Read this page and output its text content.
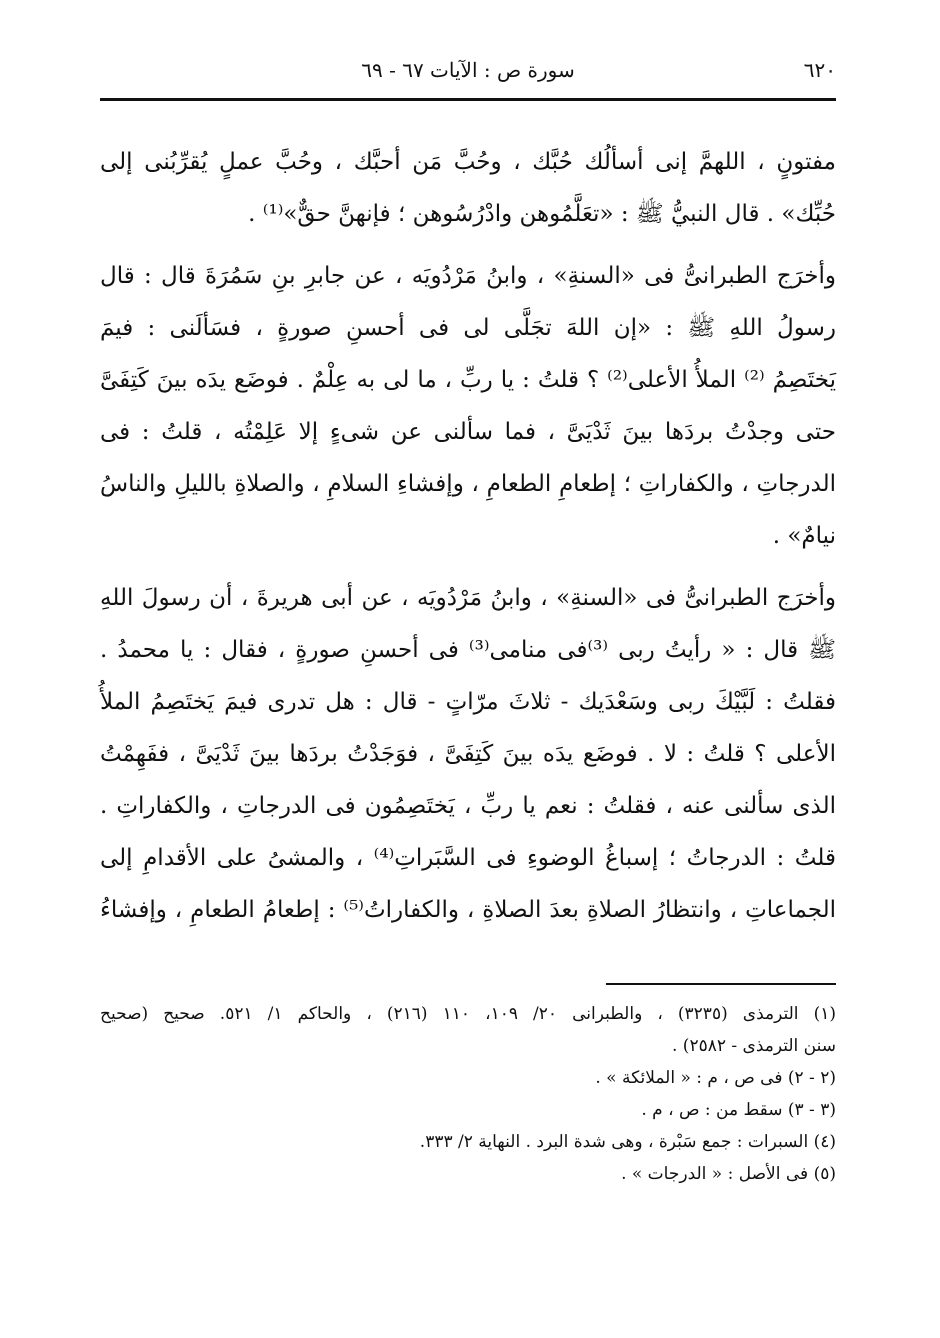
٦٢٠
سورة ص : الآيات ٦٧ - ٦٩

مفتونٍ ، اللهمَّ إنى أسألُك حُبَّك ، وحُبَّ مَن أحبَّك ، وحُبَّ عملٍ يُقرِّبُنى إلى
حُبِّك» . قال النبيُّ ﷺ : «تعَلَّمُوهن وادْرُسُوهن ؛ فإنهنَّ حقٌّ»⁽¹⁾ .

وأخرَج الطبرانىُّ فى «السنةِ» ، وابنُ مَرْدُويَه ، عن جابرِ بنِ سَمُرَةَ قال : قال
رسولُ اللهِ ﷺ : «إن اللهَ تجَلَّى لى فى أحسنِ صورةٍ ، فسَألَنى : فيمَ
يَختَصِمُ ⁽²⁾ الملأُ الأعلى⁽²⁾ ؟ قلتُ : يا ربِّ ، ما لى به عِلْمٌ . فوضَع يدَه بينَ كَتِفَىَّ
حتى وجدْتُ بردَها بينَ ثَدْيَىَّ ، فما سألنى عن شىءٍ إلا عَلِمْتُه ، قلتُ : فى
الدرجاتِ ، والكفاراتِ ؛ إطعامِ الطعامِ ، وإفشاءِ السلامِ ، والصلاةِ بالليلِ والناسُ
نيامٌ» .

وأخرَج الطبرانىُّ فى «السنةِ» ، وابنُ مَرْدُويَه ، عن أبى هريرةَ ، أن رسولَ اللهِ
ﷺ قال : « رأيتُ ربى ⁽³⁾فى منامى⁽³⁾ فى أحسنِ صورةٍ ، فقال : يا محمدُ .
فقلتُ : لَبَّيْكَ ربى وسَعْدَيك - ثلاثَ مرّاتٍ - قال : هل تدرى فيمَ يَختَصِمُ الملأُ
الأعلى ؟ قلتُ : لا . فوضَع يدَه بينَ كَتِفَىَّ ، فوَجَدْتُ بردَها بينَ ثَدْيَىَّ ، ففَهِمْتُ
الذى سألنى عنه ، فقلتُ : نعم يا ربِّ ، يَختَصِمُون فى الدرجاتِ ، والكفاراتِ .
قلتُ : الدرجاتُ ؛ إسباغُ الوضوءِ فى السَّبَراتِ⁽⁴⁾ ، والمشىُ على الأقدامِ إلى
الجماعاتِ ، وانتظارُ الصلاةِ بعدَ الصلاةِ ، والكفاراتُ⁽⁵⁾ : إطعامُ الطعامِ ، وإفشاءُ

(١) الترمذى (٣٢٣٥) ، والطبرانى ٢٠/ ١٠٩، ١١٠ (٢١٦) ، والحاكم ١/ ٥٢١. صحيح (صحيح
سنن الترمذى - ٢٥٨٢) .
(٢ - ٢) فى ص ، م : « الملائكة » .
(٣ - ٣) سقط من : ص ، م .
(٤) السبرات : جمع سَبْرة ، وهى شدة البرد . النهاية ٢/ ٣٣٣.
(٥) فى الأصل : « الدرجات » .
